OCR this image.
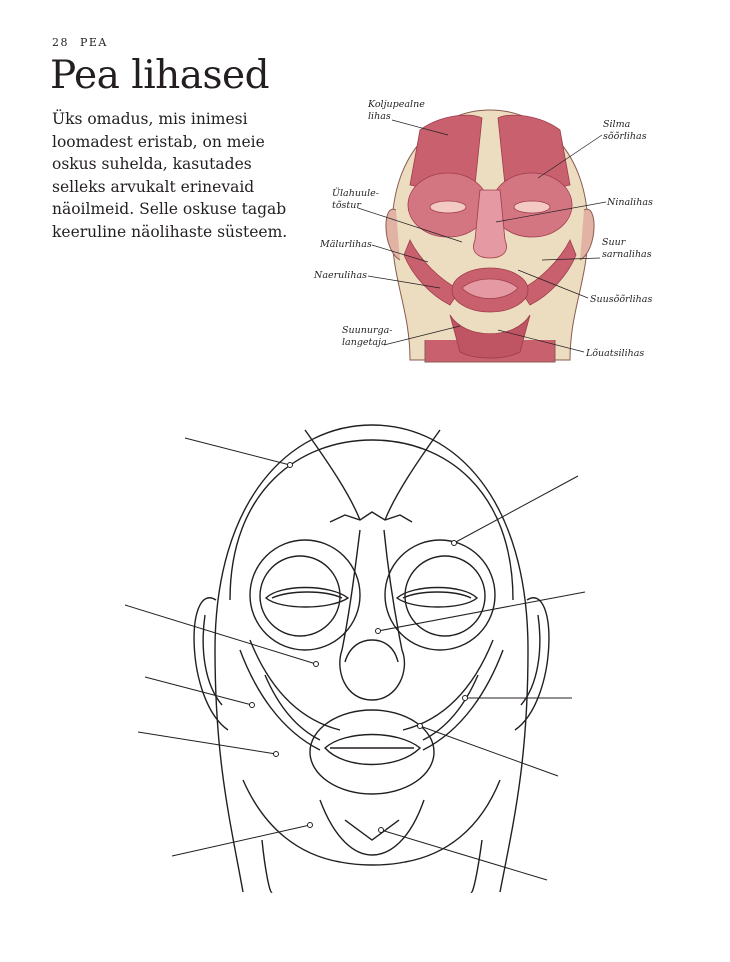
28 PEA
Pea lihased

Üks omadus, mis inimesi loomadest eristab, on meie oskus suhelda, kasutades selleks arvukalt erinevaid näoilmeid. Selle oskuse tagab keeruline näolihaste süsteem.

Koljupealne
lihas
Silma
sõõrlihas
Ülahuule-
tõstur	Ninalihas
Mälurlihas	Suur
sarnalihas
Naerulihas
Suusõõrlihas
Suunurga-
langetaja
Lõuatsilihas
